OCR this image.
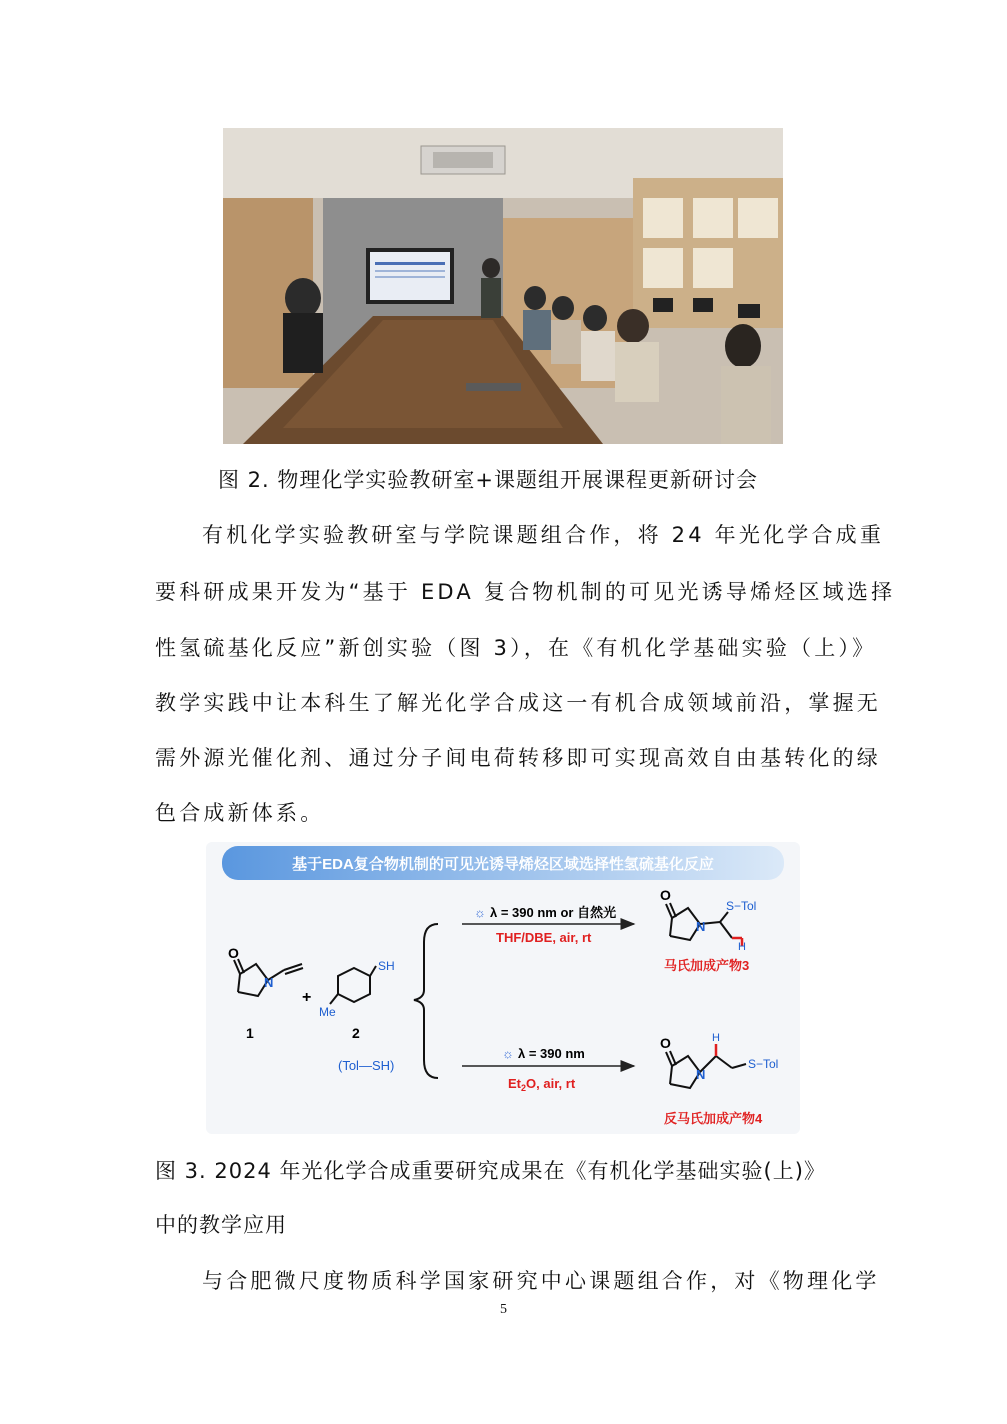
图 2. 物理化学实验教研室+课题组开展课程更新研讨会
有机化学实验教研室与学院课题组合作，将 24 年光化学合成重
要科研成果开发为“基于 EDA 复合物机制的可见光诱导烯烃区域选择
性氢硫基化反应”新创实验（图 3），在《有机化学基础实验（上）》
教学实践中让本科生了解光化学合成这一有机合成领域前沿，掌握无
需外源光催化剂、通过分子间电荷转移即可实现高效自由基转化的绿
色合成新体系。
基于EDA复合物机制的可见光诱导烯烃区域选择性氢硫基化反应
O
N
1
+
SH
Me
2
(Tol—SH)
☼ λ = 390 nm or 自然光
THF/DBE, air, rt
O
N
S−Tol
H
马氏加成产物3
☼ λ = 390 nm
$Et_2O$, air, rt
O
N
H
S−Tol
反马氏加成产物4
图 3. 2024 年光化学合成重要研究成果在《有机化学基础实验(上)》
中的教学应用
与合肥微尺度物质科学国家研究中心课题组合作，对《物理化学
5
